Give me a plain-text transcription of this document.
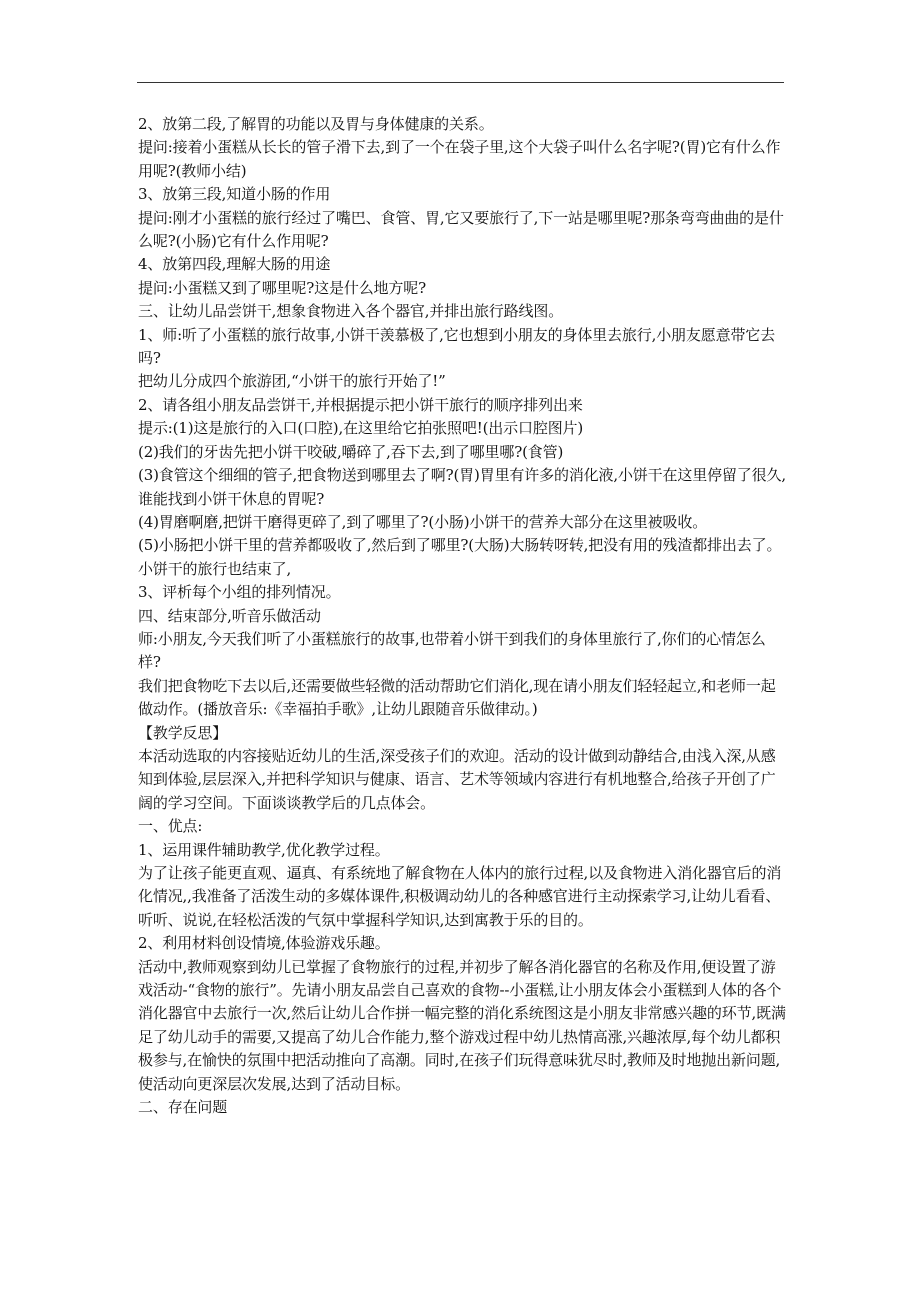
2、放第二段,了解胃的功能以及胃与身体健康的关系。

提问:接着小蛋糕从长长的管子滑下去,到了一个在袋子里,这个大袋子叫什么名字呢?(胃)它有什么作用呢?(教师小结)

3、放第三段,知道小肠的作用

提问:刚才小蛋糕的旅行经过了嘴巴、食管、胃,它又要旅行了,下一站是哪里呢?那条弯弯曲曲的是什么呢?(小肠)它有什么作用呢?

4、放第四段,理解大肠的用途

提问:小蛋糕又到了哪里呢?这是什么地方呢?

三、让幼儿品尝饼干,想象食物进入各个器官,并排出旅行路线图。

1、师:听了小蛋糕的旅行故事,小饼干羡慕极了,它也想到小朋友的身体里去旅行,小朋友愿意带它去吗?

把幼儿分成四个旅游团,“小饼干的旅行开始了!”

2、请各组小朋友品尝饼干,并根据提示把小饼干旅行的顺序排列出来

提示:(1)这是旅行的入口(口腔),在这里给它拍张照吧!(出示口腔图片)

(2)我们的牙齿先把小饼干咬破,嚼碎了,吞下去,到了哪里哪?(食管)

(3)食管这个细细的管子,把食物送到哪里去了啊?(胃)胃里有许多的消化液,小饼干在这里停留了很久,谁能找到小饼干休息的胃呢?

(4)胃磨啊磨,把饼干磨得更碎了,到了哪里了?(小肠)小饼干的营养大部分在这里被吸收。

(5)小肠把小饼干里的营养都吸收了,然后到了哪里?(大肠)大肠转呀转,把没有用的残渣都排出去了。

小饼干的旅行也结束了,

3、评析每个小组的排列情况。

四、结束部分,听音乐做活动

师:小朋友,今天我们听了小蛋糕旅行的故事,也带着小饼干到我们的身体里旅行了,你们的心情怎么样?

我们把食物吃下去以后,还需要做些轻微的活动帮助它们消化,现在请小朋友们轻轻起立,和老师一起做动作。(播放音乐:《幸福拍手歌》,让幼儿跟随音乐做律动。)

【教学反思】

本活动选取的内容接贴近幼儿的生活,深受孩子们的欢迎。活动的设计做到动静结合,由浅入深,从感知到体验,层层深入,并把科学知识与健康、语言、艺术等领域内容进行有机地整合,给孩子开创了广阔的学习空间。下面谈谈教学后的几点体会。

一、优点:

1、运用课件辅助教学,优化教学过程。

为了让孩子能更直观、逼真、有系统地了解食物在人体内的旅行过程,以及食物进入消化器官后的消化情况,,我准备了活泼生动的多媒体课件,积极调动幼儿的各种感官进行主动探索学习,让幼儿看看、听听、说说,在轻松活泼的气氛中掌握科学知识,达到寓教于乐的目的。

2、利用材料创设情境,体验游戏乐趣。

活动中,教师观察到幼儿已掌握了食物旅行的过程,并初步了解各消化器官的名称及作用,便设置了游戏活动-“食物的旅行”。先请小朋友品尝自己喜欢的食物--小蛋糕,让小朋友体会小蛋糕到人体的各个消化器官中去旅行一次,然后让幼儿合作拼一幅完整的消化系统图这是小朋友非常感兴趣的环节,既满足了幼儿动手的需要,又提高了幼儿合作能力,整个游戏过程中幼儿热情高涨,兴趣浓厚,每个幼儿都积极参与,在愉快的氛围中把活动推向了高潮。同时,在孩子们玩得意味犹尽时,教师及时地抛出新问题,使活动向更深层次发展,达到了活动目标。

二、存在问题
